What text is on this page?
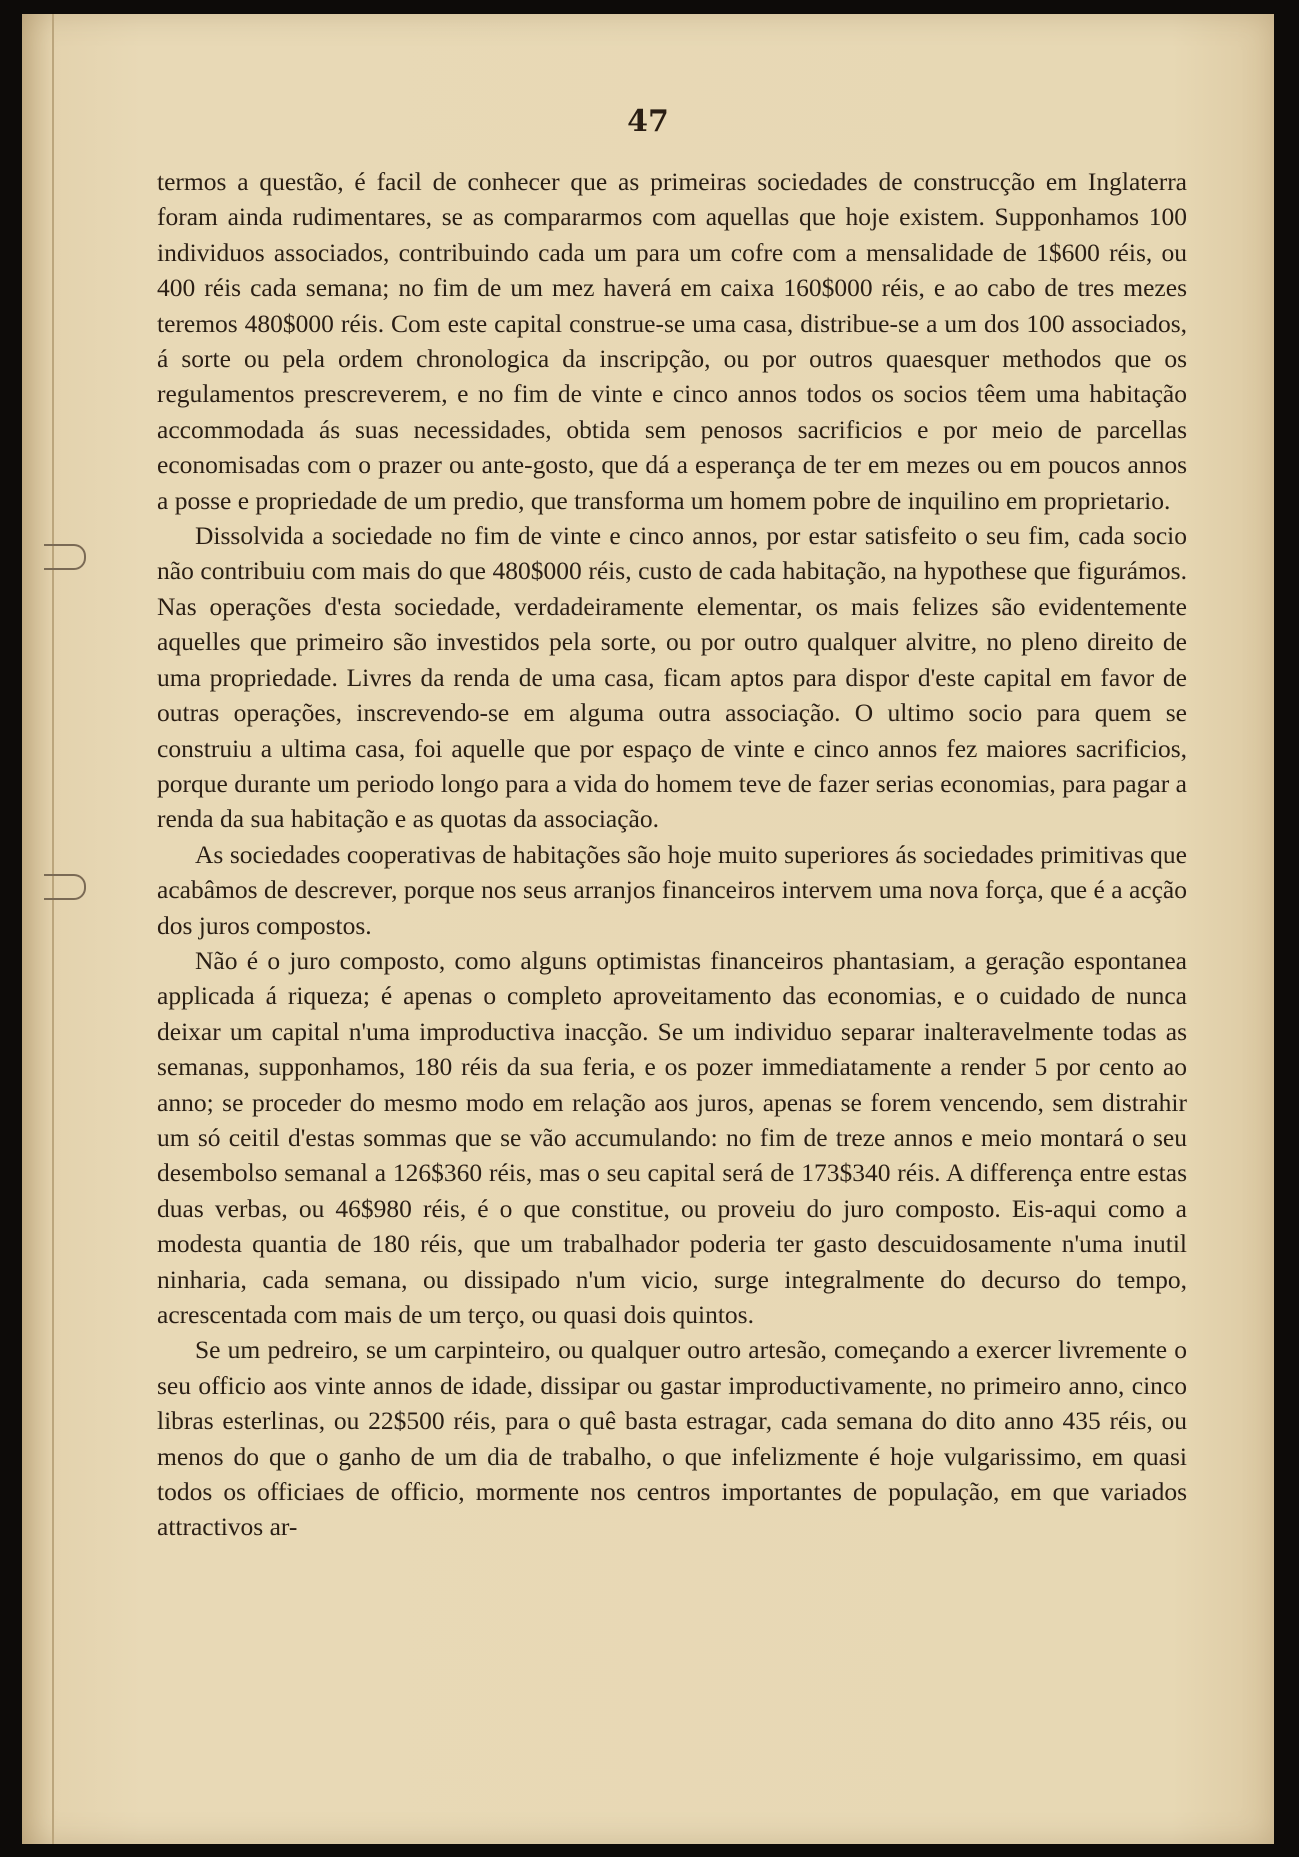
47

termos a questão, é facil de conhecer que as primeiras sociedades de construcção em Inglaterra foram ainda rudimentares, se as compararmos com aquellas que hoje existem. Supponhamos 100 individuos associados, contribuindo cada um para um cofre com a mensalidade de 1$600 réis, ou 400 réis cada semana; no fim de um mez haverá em caixa 160$000 réis, e ao cabo de tres mezes teremos 480$000 réis. Com este capital construe-se uma casa, distribue-se a um dos 100 associados, á sorte ou pela ordem chronologica da inscripção, ou por outros quaesquer methodos que os regulamentos prescreverem, e no fim de vinte e cinco annos todos os socios têem uma habitação accommodada ás suas necessidades, obtida sem penosos sacrificios e por meio de parcellas economisadas com o prazer ou ante-gosto, que dá a esperança de ter em mezes ou em poucos annos a posse e propriedade de um predio, que transforma um homem pobre de inquilino em proprietario.

Dissolvida a sociedade no fim de vinte e cinco annos, por estar satisfeito o seu fim, cada socio não contribuiu com mais do que 480$000 réis, custo de cada habitação, na hypothese que figurámos. Nas operações d'esta sociedade, verdadeiramente elementar, os mais felizes são evidentemente aquelles que primeiro são investidos pela sorte, ou por outro qualquer alvitre, no pleno direito de uma propriedade. Livres da renda de uma casa, ficam aptos para dispor d'este capital em favor de outras operações, inscrevendo-se em alguma outra associação. O ultimo socio para quem se construiu a ultima casa, foi aquelle que por espaço de vinte e cinco annos fez maiores sacrificios, porque durante um periodo longo para a vida do homem teve de fazer serias economias, para pagar a renda da sua habitação e as quotas da associação.

As sociedades cooperativas de habitações são hoje muito superiores ás sociedades primitivas que acabâmos de descrever, porque nos seus arranjos financeiros intervem uma nova força, que é a acção dos juros compostos.

Não é o juro composto, como alguns optimistas financeiros phantasiam, a geração espontanea applicada á riqueza; é apenas o completo aproveitamento das economias, e o cuidado de nunca deixar um capital n'uma improductiva inacção. Se um individuo separar inalteravelmente todas as semanas, supponhamos, 180 réis da sua feria, e os pozer immediatamente a render 5 por cento ao anno; se proceder do mesmo modo em relação aos juros, apenas se forem vencendo, sem distrahir um só ceitil d'estas sommas que se vão accumulando: no fim de treze annos e meio montará o seu desembolso semanal a 126$360 réis, mas o seu capital será de 173$340 réis. A differença entre estas duas verbas, ou 46$980 réis, é o que constitue, ou proveiu do juro composto. Eis-aqui como a modesta quantia de 180 réis, que um trabalhador poderia ter gasto descuidosamente n'uma inutil ninharia, cada semana, ou dissipado n'um vicio, surge integralmente do decurso do tempo, acrescentada com mais de um terço, ou quasi dois quintos.

Se um pedreiro, se um carpinteiro, ou qualquer outro artesão, começando a exercer livremente o seu officio aos vinte annos de idade, dissipar ou gastar improductivamente, no primeiro anno, cinco libras esterlinas, ou 22$500 réis, para o quê basta estragar, cada semana do dito anno 435 réis, ou menos do que o ganho de um dia de trabalho, o que infelizmente é hoje vulgarissimo, em quasi todos os officiaes de officio, mormente nos centros importantes de população, em que variados attractivos ar-
